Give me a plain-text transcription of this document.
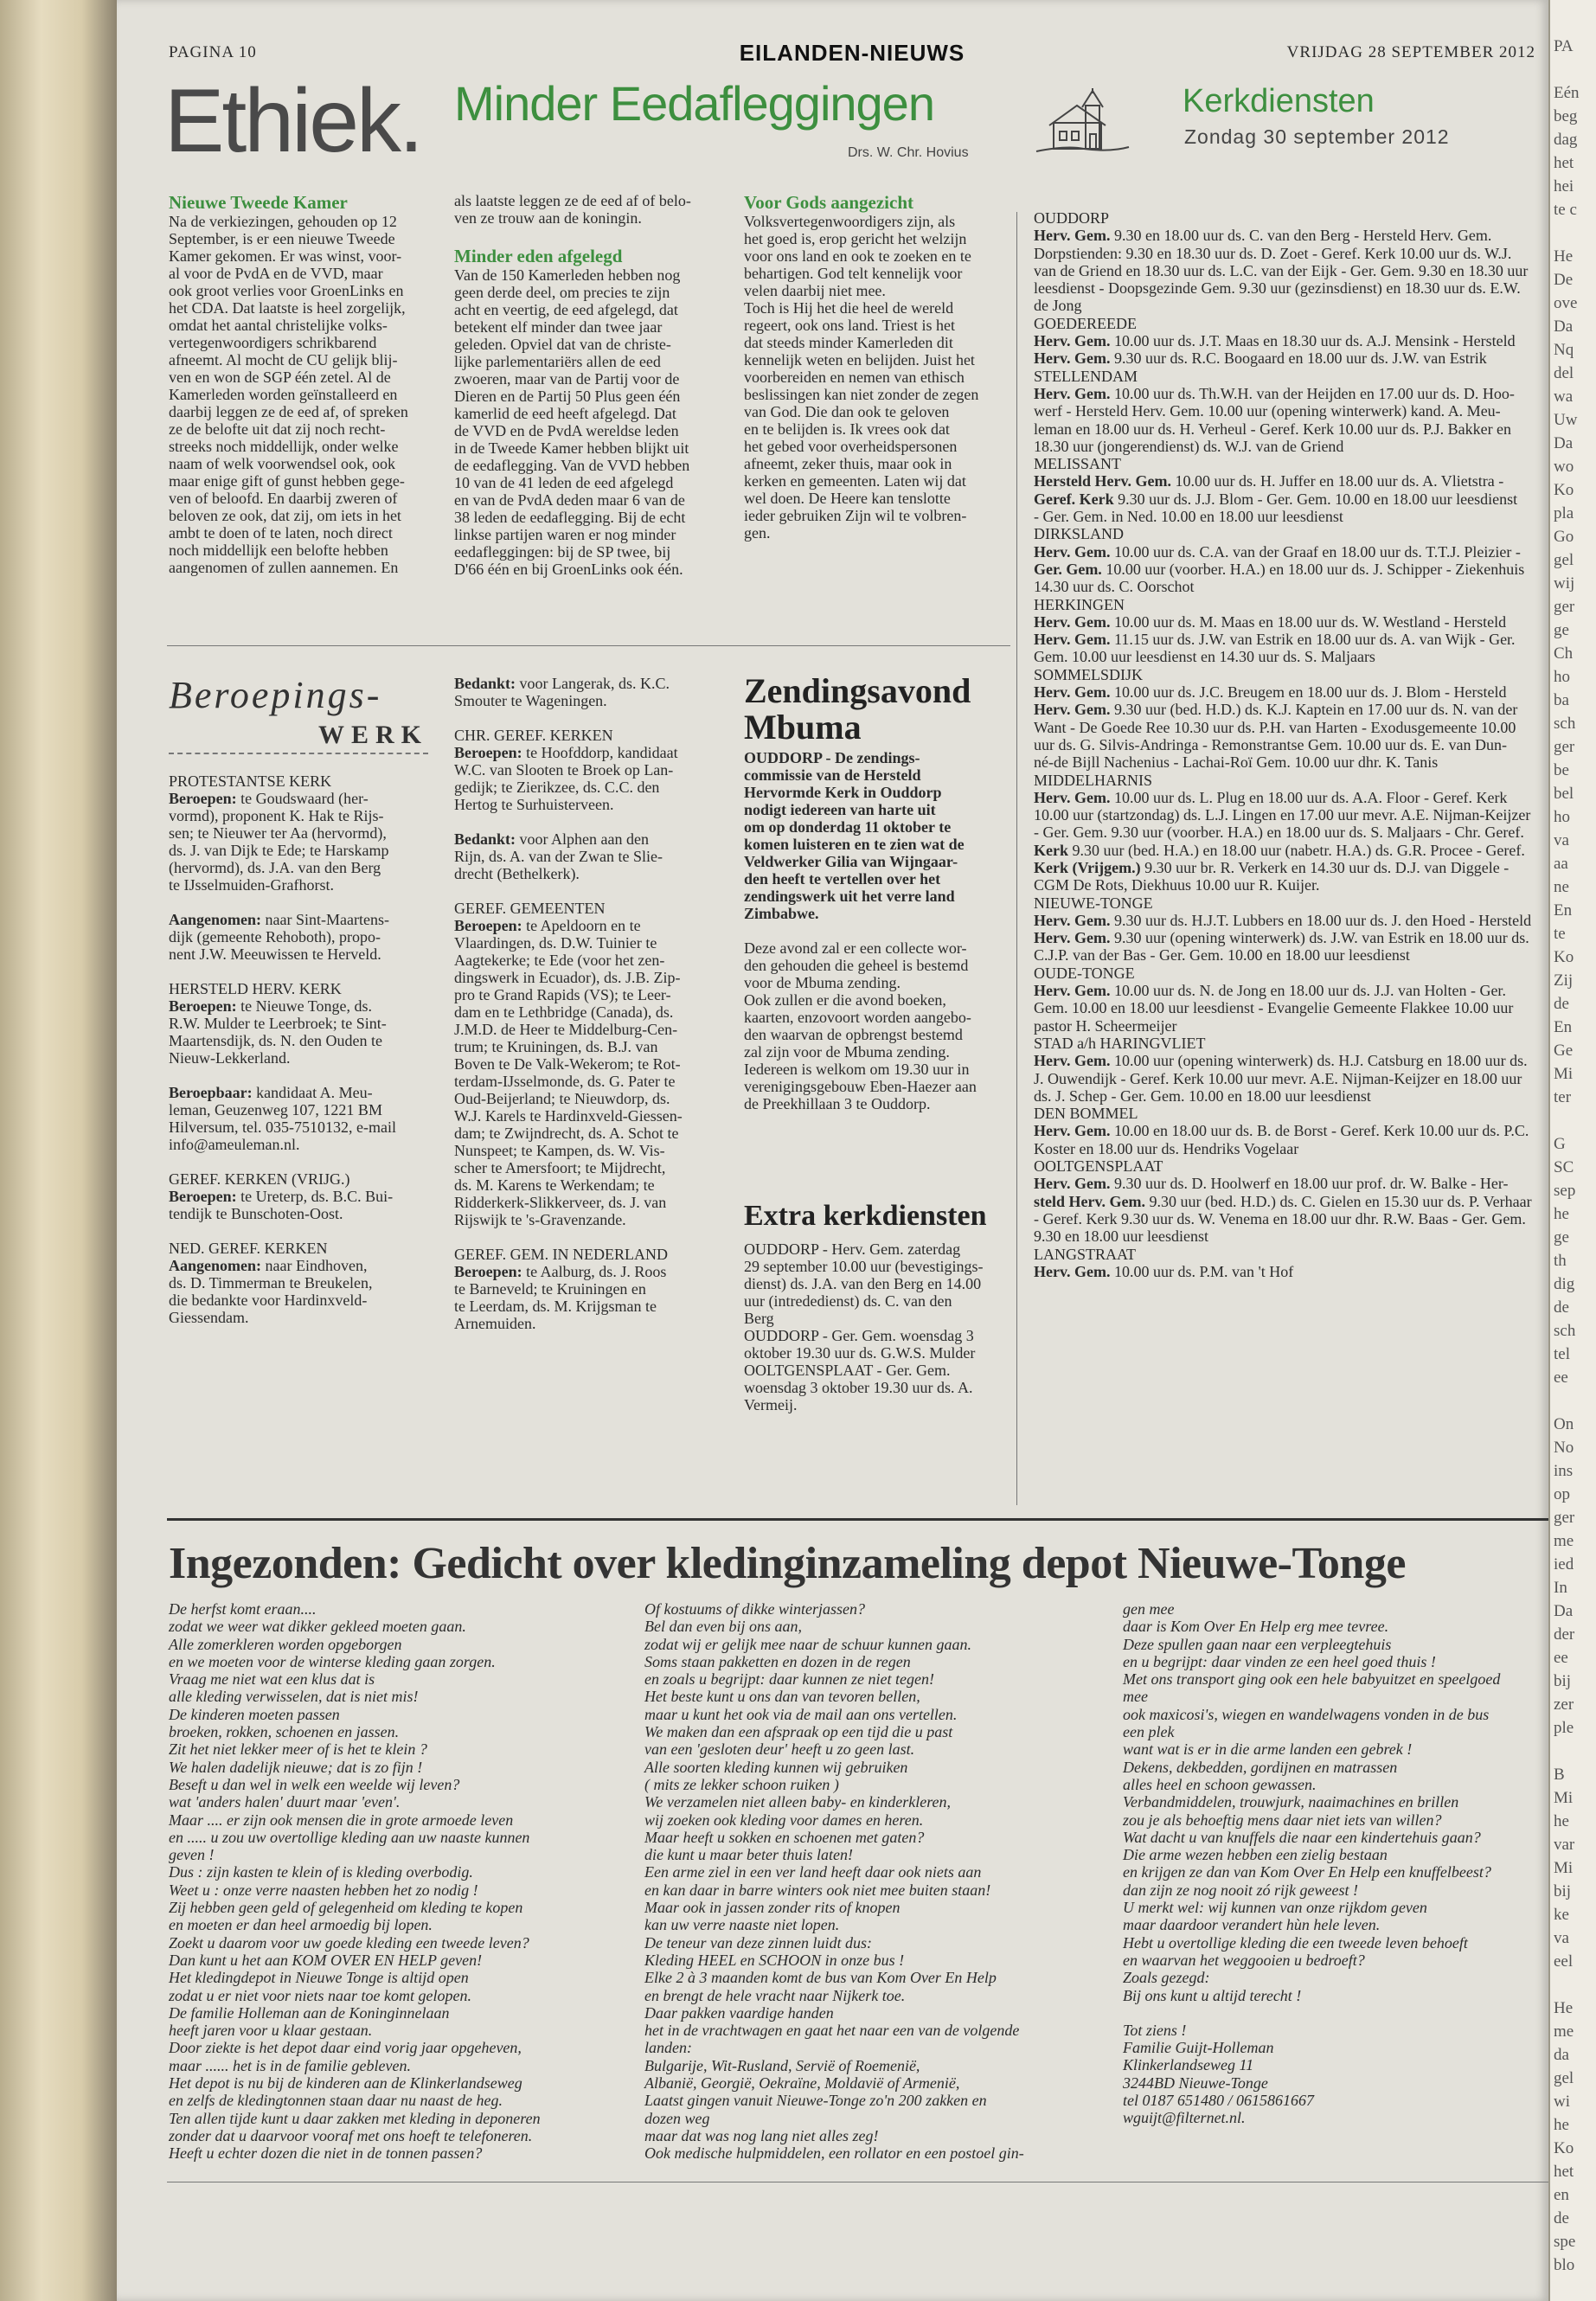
PAGINA 10	EILANDEN-NIEUWS	VRIJDAG 28 SEPTEMBER 2012
Ethiek. Minder Eedafleggingen
Drs. W. Chr. Hovius
Kerkdiensten
Zondag 30 september 2012

Nieuwe Tweede Kamer

Na de verkiezingen, gehouden op 12

September, is er een nieuwe Tweede

Kamer gekomen. Er was winst, voor-

al voor de PvdA en de VVD, maar

ook groot verlies voor GroenLinks en

het CDA. Dat laatste is heel zorgelijk,

omdat het aantal christelijke volks-

vertegenwoordigers schrikbarend

afneemt. Al mocht de CU gelijk blij-

ven en won de SGP één zetel. Al de

Kamerleden worden geïnstalleerd en

daarbij leggen ze de eed af, of spreken

ze de belofte uit dat zij noch recht-

streeks noch middellijk, onder welke

naam of welk voorwendsel ook, ook

maar enige gift of gunst hebben gege-

ven of beloofd. En daarbij zweren of

beloven ze ook, dat zij, om iets in het

ambt te doen of te laten, noch direct

noch middellijk een belofte hebben

aangenomen of zullen aannemen. En

als laatste leggen ze de eed af of belo-

ven ze trouw aan de koningin.

Minder eden afgelegd

Van de 150 Kamerleden hebben nog

geen derde deel, om precies te zijn

acht en veertig, de eed afgelegd, dat

betekent elf minder dan twee jaar

geleden. Opviel dat van de christe-

lijke parlementariërs allen de eed

zwoeren, maar van de Partij voor de

Dieren en de Partij 50 Plus geen één

kamerlid de eed heeft afgelegd. Dat

de VVD en de PvdA wereldse leden

in de Tweede Kamer hebben blijkt uit

de eedaflegging. Van de VVD hebben

10 van de 41 leden de eed afgelegd

en van de PvdA deden maar 6 van de

38 leden de eedaflegging. Bij de echt

linkse partijen waren er nog minder

eedafleggingen: bij de SP twee, bij

D'66 één en bij GroenLinks ook één.

Voor Gods aangezicht

Volksvertegenwoordigers zijn, als

het goed is, erop gericht het welzijn

voor ons land en ook te zoeken en te

behartigen. God telt kennelijk voor

velen daarbij niet mee.

Toch is Hij het die heel de wereld

regeert, ook ons land. Triest is het

dat steeds minder Kamerleden dit

kennelijk weten en belijden. Juist het

voorbereiden en nemen van ethisch

beslissingen kan niet zonder de zegen

van God. Die dan ook te geloven

en te belijden is. Ik vrees ook dat

het gebed voor overheidspersonen

afneemt, zeker thuis, maar ook in

kerken en gemeenten. Laten wij dat

wel doen. De Heere kan tenslotte

ieder gebruiken Zijn wil te volbren-

gen.

Beroepings-
WERK

PROTESTANTSE KERK

Beroepen: te Goudswaard (her-

vormd), proponent K. Hak te Rijs-

sen; te Nieuwer ter Aa (hervormd),

ds. J. van Dijk te Ede; te Harskamp

(hervormd), ds. J.A. van den Berg

te IJsselmuiden-Grafhorst.

Aangenomen: naar Sint-Maartens-

dijk (gemeente Rehoboth), propo-

nent J.W. Meeuwissen te Herveld.

HERSTELD HERV. KERK

Beroepen: te Nieuwe Tonge, ds.

R.W. Mulder te Leerbroek; te Sint-

Maartensdijk, ds. N. den Ouden te

Nieuw-Lekkerland.

Beroepbaar: kandidaat A. Meu-

leman, Geuzenweg 107, 1221 BM

Hilversum, tel. 035-7510132, e-mail

info@ameuleman.nl.

GEREF. KERKEN (VRIJG.)

Beroepen: te Ureterp, ds. B.C. Bui-

tendijk te Bunschoten-Oost.

NED. GEREF. KERKEN

Aangenomen: naar Eindhoven,

ds. D. Timmerman te Breukelen,

die bedankte voor Hardinxveld-

Giessendam.

Bedankt: voor Langerak, ds. K.C.

Smouter te Wageningen.

CHR. GEREF. KERKEN

Beroepen: te Hoofddorp, kandidaat

W.C. van Slooten te Broek op Lan-

gedijk; te Zierikzee, ds. C.C. den

Hertog te Surhuisterveen.

Bedankt: voor Alphen aan den

Rijn, ds. A. van der Zwan te Slie-

drecht (Bethelkerk).

GEREF. GEMEENTEN

Beroepen: te Apeldoorn en te

Vlaardingen, ds. D.W. Tuinier te

Aagtekerke; te Ede (voor het zen-

dingswerk in Ecuador), ds. J.B. Zip-

pro te Grand Rapids (VS); te Leer-

dam en te Lethbridge (Canada), ds.

J.M.D. de Heer te Middelburg-Cen-

trum; te Kruiningen, ds. B.J. van

Boven te De Valk-Wekerom; te Rot-

terdam-IJsselmonde, ds. G. Pater te

Oud-Beijerland; te Nieuwdorp, ds.

W.J. Karels te Hardinxveld-Giessen-

dam; te Zwijndrecht, ds. A. Schot te

Nunspeet; te Kampen, ds. W. Vis-

scher te Amersfoort; te Mijdrecht,

ds. M. Karens te Werkendam; te

Ridderkerk-Slikkerveer, ds. J. van

Rijswijk te 's-Gravenzande.

GEREF. GEM. IN NEDERLAND

Beroepen: te Aalburg, ds. J. Roos

te Barneveld; te Kruiningen en

te Leerdam, ds. M. Krijgsman te

Arnemuiden.

Zendingsavond
Mbuma

OUDDORP - De zendings-

commissie van de Hersteld

Hervormde Kerk in Ouddorp

nodigt iedereen van harte uit

om op donderdag 11 oktober te

komen luisteren en te zien wat de

Veldwerker Gilia van Wijngaar-

den heeft te vertellen over het

zendingswerk uit het verre land

Zimbabwe.

Deze avond zal er een collecte wor-

den gehouden die geheel is bestemd

voor de Mbuma zending.

Ook zullen er die avond boeken,

kaarten, enzovoort worden aangebo-

den waarvan de opbrengst bestemd

zal zijn voor de Mbuma zending.

Iedereen is welkom om 19.30 uur in

verenigingsgebouw Eben-Haezer aan

de Preekhillaan 3 te Ouddorp.

Extra kerkdiensten

OUDDORP - Herv. Gem. zaterdag

29 september 10.00 uur (bevestigings-

dienst) ds. J.A. van den Berg en 14.00

uur (intrededienst) ds. C. van den

Berg

OUDDORP - Ger. Gem. woensdag 3

oktober 19.30 uur ds. G.W.S. Mulder

OOLTGENSPLAAT - Ger. Gem.

woensdag 3 oktober 19.30 uur ds. A.

Vermeij.

OUDDORP

Herv. Gem. 9.30 en 18.00 uur ds. C. van den Berg - Hersteld Herv. Gem.

Dorpstienden: 9.30 en 18.30 uur ds. D. Zoet - Geref. Kerk 10.00 uur ds. W.J.

van de Griend en 18.30 uur ds. L.C. van der Eijk - Ger. Gem. 9.30 en 18.30 uur

leesdienst - Doopsgezinde Gem. 9.30 uur (gezinsdienst) en 18.30 uur ds. E.W.

de Jong

GOEDEREEDE

Herv. Gem. 10.00 uur ds. J.T. Maas en 18.30 uur ds. A.J. Mensink - Hersteld

Herv. Gem. 9.30 uur ds. R.C. Boogaard en 18.00 uur ds. J.W. van Estrik

STELLENDAM

Herv. Gem. 10.00 uur ds. Th.W.H. van der Heijden en 17.00 uur ds. D. Hoo-

werf - Hersteld Herv. Gem. 10.00 uur (opening winterwerk) kand. A. Meu-

leman en 18.00 uur ds. H. Verheul - Geref. Kerk 10.00 uur ds. P.J. Bakker en

18.30 uur (jongerendienst) ds. W.J. van de Griend

MELISSANT

Hersteld Herv. Gem. 10.00 uur ds. H. Juffer en 18.00 uur ds. A. Vlietstra -

Geref. Kerk 9.30 uur ds. J.J. Blom - Ger. Gem. 10.00 en 18.00 uur leesdienst

- Ger. Gem. in Ned. 10.00 en 18.00 uur leesdienst

DIRKSLAND

Herv. Gem. 10.00 uur ds. C.A. van der Graaf en 18.00 uur ds. T.T.J. Pleizier -

Ger. Gem. 10.00 uur (voorber. H.A.) en 18.00 uur ds. J. Schipper - Ziekenhuis

14.30 uur ds. C. Oorschot

HERKINGEN

Herv. Gem. 10.00 uur ds. M. Maas en 18.00 uur ds. W. Westland - Hersteld

Herv. Gem. 11.15 uur ds. J.W. van Estrik en 18.00 uur ds. A. van Wijk - Ger.

Gem. 10.00 uur leesdienst en 14.30 uur ds. S. Maljaars

SOMMELSDIJK

Herv. Gem. 10.00 uur ds. J.C. Breugem en 18.00 uur ds. J. Blom - Hersteld

Herv. Gem. 9.30 uur (bed. H.D.) ds. K.J. Kaptein en 17.00 uur ds. N. van der

Want - De Goede Ree 10.30 uur ds. P.H. van Harten - Exodusgemeente 10.00

uur ds. G. Silvis-Andringa - Remonstrantse Gem. 10.00 uur ds. E. van Dun-

né-de Bijll Nachenius - Lachai-Roï Gem. 10.00 uur dhr. K. Tanis

MIDDELHARNIS

Herv. Gem. 10.00 uur ds. L. Plug en 18.00 uur ds. A.A. Floor - Geref. Kerk

10.00 uur (startzondag) ds. L.J. Lingen en 17.00 uur mevr. A.E. Nijman-Keijzer

- Ger. Gem. 9.30 uur (voorber. H.A.) en 18.00 uur ds. S. Maljaars - Chr. Geref.

Kerk 9.30 uur (bed. H.A.) en 18.00 uur (nabetr. H.A.) ds. G.R. Procee - Geref.

Kerk (Vrijgem.) 9.30 uur br. R. Verkerk en 14.30 uur ds. D.J. van Diggele -

CGM De Rots, Diekhuus 10.00 uur R. Kuijer.

NIEUWE-TONGE

Herv. Gem. 9.30 uur ds. H.J.T. Lubbers en 18.00 uur ds. J. den Hoed - Hersteld

Herv. Gem. 9.30 uur (opening winterwerk) ds. J.W. van Estrik en 18.00 uur ds.

C.J.P. van der Bas - Ger. Gem. 10.00 en 18.00 uur leesdienst

OUDE-TONGE

Herv. Gem. 10.00 uur ds. N. de Jong en 18.00 uur ds. J.J. van Holten - Ger.

Gem. 10.00 en 18.00 uur leesdienst - Evangelie Gemeente Flakkee 10.00 uur

pastor H. Scheermeijer

STAD a/h HARINGVLIET

Herv. Gem. 10.00 uur (opening winterwerk) ds. H.J. Catsburg en 18.00 uur ds.

J. Ouwendijk - Geref. Kerk 10.00 uur mevr. A.E. Nijman-Keijzer en 18.00 uur

ds. J. Schep - Ger. Gem. 10.00 en 18.00 uur leesdienst

DEN BOMMEL

Herv. Gem. 10.00 en 18.00 uur ds. B. de Borst - Geref. Kerk 10.00 uur ds. P.C.

Koster en 18.00 uur ds. Hendriks Vogelaar

OOLTGENSPLAAT

Herv. Gem. 9.30 uur ds. D. Hoolwerf en 18.00 uur prof. dr. W. Balke - Her-

steld Herv. Gem. 9.30 uur (bed. H.D.) ds. C. Gielen en 15.30 uur ds. P. Verhaar

- Geref. Kerk 9.30 uur ds. W. Venema en 18.00 uur dhr. R.W. Baas - Ger. Gem.

9.30 en 18.00 uur leesdienst

LANGSTRAAT

Herv. Gem. 10.00 uur ds. P.M. van 't Hof

Ingezonden: Gedicht over kledinginzameling depot Nieuwe-Tonge

De herfst komt eraan....

zodat we weer wat dikker gekleed moeten gaan.

Alle zomerkleren worden opgeborgen

en we moeten voor de winterse kleding gaan zorgen.

Vraag me niet wat een klus dat is

alle kleding verwisselen, dat is niet mis!

De kinderen moeten passen

broeken, rokken, schoenen en jassen.

Zit het niet lekker meer of is het te klein ?

We halen dadelijk nieuwe; dat is zo fijn !

Beseft u dan wel in welk een weelde wij leven?

wat 'anders halen' duurt maar 'even'.

Maar .... er zijn ook mensen die in grote armoede leven

en ..... u zou uw overtollige kleding aan uw naaste kunnen

geven !

Dus : zijn kasten te klein of is kleding overbodig.

Weet u : onze verre naasten hebben het zo nodig !

Zij hebben geen geld of gelegenheid om kleding te kopen

en moeten er dan heel armoedig bij lopen.

Zoekt u daarom voor uw goede kleding een tweede leven?

Dan kunt u het aan KOM OVER EN HELP geven!

Het kledingdepot in Nieuwe Tonge is altijd open

zodat u er niet voor niets naar toe komt gelopen.

De familie Holleman aan de Koninginnelaan

heeft jaren voor u klaar gestaan.

Door ziekte is het depot daar eind vorig jaar opgeheven,

maar ...... het is in de familie gebleven.

Het depot is nu bij de kinderen aan de Klinkerlandseweg

en zelfs de kledingtonnen staan daar nu naast de heg.

Ten allen tijde kunt u daar zakken met kleding in deponeren

zonder dat u daarvoor vooraf met ons hoeft te telefoneren.

Heeft u echter dozen die niet in de tonnen passen?

Of kostuums of dikke winterjassen?

Bel dan even bij ons aan,

zodat wij er gelijk mee naar de schuur kunnen gaan.

Soms staan pakketten en dozen in de regen

en zoals u begrijpt: daar kunnen ze niet tegen!

Het beste kunt u ons dan van tevoren bellen,

maar u kunt het ook via de mail aan ons vertellen.

We maken dan een afspraak op een tijd die u past

van een 'gesloten deur' heeft u zo geen last.

Alle soorten kleding kunnen wij gebruiken

( mits ze lekker schoon ruiken )

We verzamelen niet alleen baby- en kinderkleren,

wij zoeken ook kleding voor dames en heren.

Maar heeft u sokken en schoenen met gaten?

die kunt u maar beter thuis laten!

Een arme ziel in een ver land heeft daar ook niets aan

en kan daar in barre winters ook niet mee buiten staan!

Maar ook in jassen zonder rits of knopen

kan uw verre naaste niet lopen.

De teneur van deze zinnen luidt dus:

Kleding HEEL en SCHOON in onze bus !

Elke 2 à 3 maanden komt de bus van Kom Over En Help

en brengt de hele vracht naar Nijkerk toe.

Daar pakken vaardige handen

het in de vrachtwagen en gaat het naar een van de volgende

landen:

Bulgarije, Wit-Rusland, Servië of Roemenië,

Albanië, Georgië, Oekraïne, Moldavië of Armenië,

Laatst gingen vanuit Nieuwe-Tonge zo'n 200 zakken en

dozen weg

maar dat was nog lang niet alles zeg!

Ook medische hulpmiddelen, een rollator en een postoel gin-

gen mee

daar is Kom Over En Help erg mee tevree.

Deze spullen gaan naar een verpleegtehuis

en u begrijpt: daar vinden ze een heel goed thuis !

Met ons transport ging ook een hele babyuitzet en speelgoed

mee

ook maxicosi's, wiegen en wandelwagens vonden in de bus

een plek

want wat is er in die arme landen een gebrek !

Dekens, dekbedden, gordijnen en matrassen

alles heel en schoon gewassen.

Verbandmiddelen, trouwjurk, naaimachines en brillen

zou je als behoeftig mens daar niet iets van willen?

Wat dacht u van knuffels die naar een kindertehuis gaan?

Die arme wezen hebben een zielig bestaan

en krijgen ze dan van Kom Over En Help een knuffelbeest?

dan zijn ze nog nooit zó rijk geweest !

U merkt wel: wij kunnen van onze rijkdom geven

maar daardoor verandert hùn hele leven.

Hebt u overtollige kleding die een tweede leven behoeft

en waarvan het weggooien u bedroeft?

Zoals gezegd:

Bij ons kunt u altijd terecht !

Tot ziens !

Familie Guijt-Holleman

Klinkerlandseweg 11

3244BD Nieuwe-Tonge

tel 0187 651480 / 0615861667

wguijt@filternet.nl.

PA
Eén
beg
dag
het
hei
te c
He
De
ove
Da
Nq
del
wa
Uw
Da
wo
Ko
pla
Go
gel
wij
ger
ge
Ch
ho
ba
sch
ger
be
bel
ho
va
aa
ne
En
te
Ko
Zij
de
En
Ge
Mi
ter
G
SC
sep
he
ge
th
dig
de
sch
tel
ee
On
No
ins
op
ger
me
ied
In
Da
der
ee
bij
zer
ple
B
Mi
he
var
Mi
bij
ke
va
eel
He
me
da
gel
wi
he
Ko
het
en
de
spe
blo
